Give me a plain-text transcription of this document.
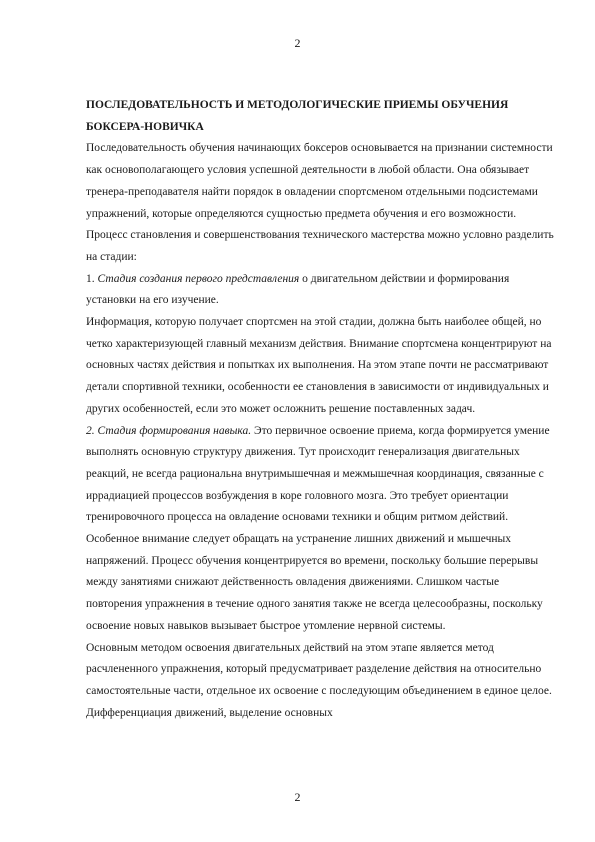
2
ПОСЛЕДОВАТЕЛЬНОСТЬ И МЕТОДОЛОГИЧЕСКИЕ ПРИЕМЫ ОБУЧЕНИЯ
БОКСЕРА-НОВИЧКА

Последовательность обучения начинающих боксеров основывается на признании системности как основополагающего условия успешной деятельности в любой области. Она обязывает тренера-преподавателя найти порядок в овладении спортсменом отдельными подсистемами упражнений, которые определяются сущностью предмета обучения и его возможности.

Процесс становления и совершенствования технического мастерства можно условно разделить на стадии:

1. Стадия создания первого представления о двигательном действии и формирования установки на его изучение.

Информация, которую получает спортсмен на этой стадии, должна быть наиболее общей, но четко характеризующей главный механизм действия. Внимание спортсмена концентрируют на основных частях действия и попытках их выполнения. На этом этапе почти не рассматривают детали спортивной техники, особенности ее становления в зависимости от индивидуальных и других особенностей, если это может осложнить решение поставленных задач.

2. Стадия формирования навыка. Это первичное освоение приема, когда формируется умение выполнять основную структуру движения. Тут происходит генерализация двигательных реакций, не всегда рациональна внутримышечная и межмышечная координация, связанные с иррадиацией процессов возбуждения в коре головного мозга. Это требует ориентации тренировочного процесса на овладение основами техники и общим ритмом действий. Особенное внимание следует обращать на устранение лишних движений и мышечных напряжений. Процесс обучения концентрируется во времени, поскольку большие перерывы между занятиями снижают действенность овладения движениями. Слишком частые повторения упражнения в течение одного занятия также не всегда целесообразны, поскольку освоение новых навыков вызывает быстрое утомление нервной системы.

Основным методом освоения двигательных действий на этом этапе является метод расчлененного упражнения, который предусматривает разделение действия на относительно самостоятельные части, отдельное их освоение с последующим объединением в единое целое. Дифференциация движений, выделение основных

2
